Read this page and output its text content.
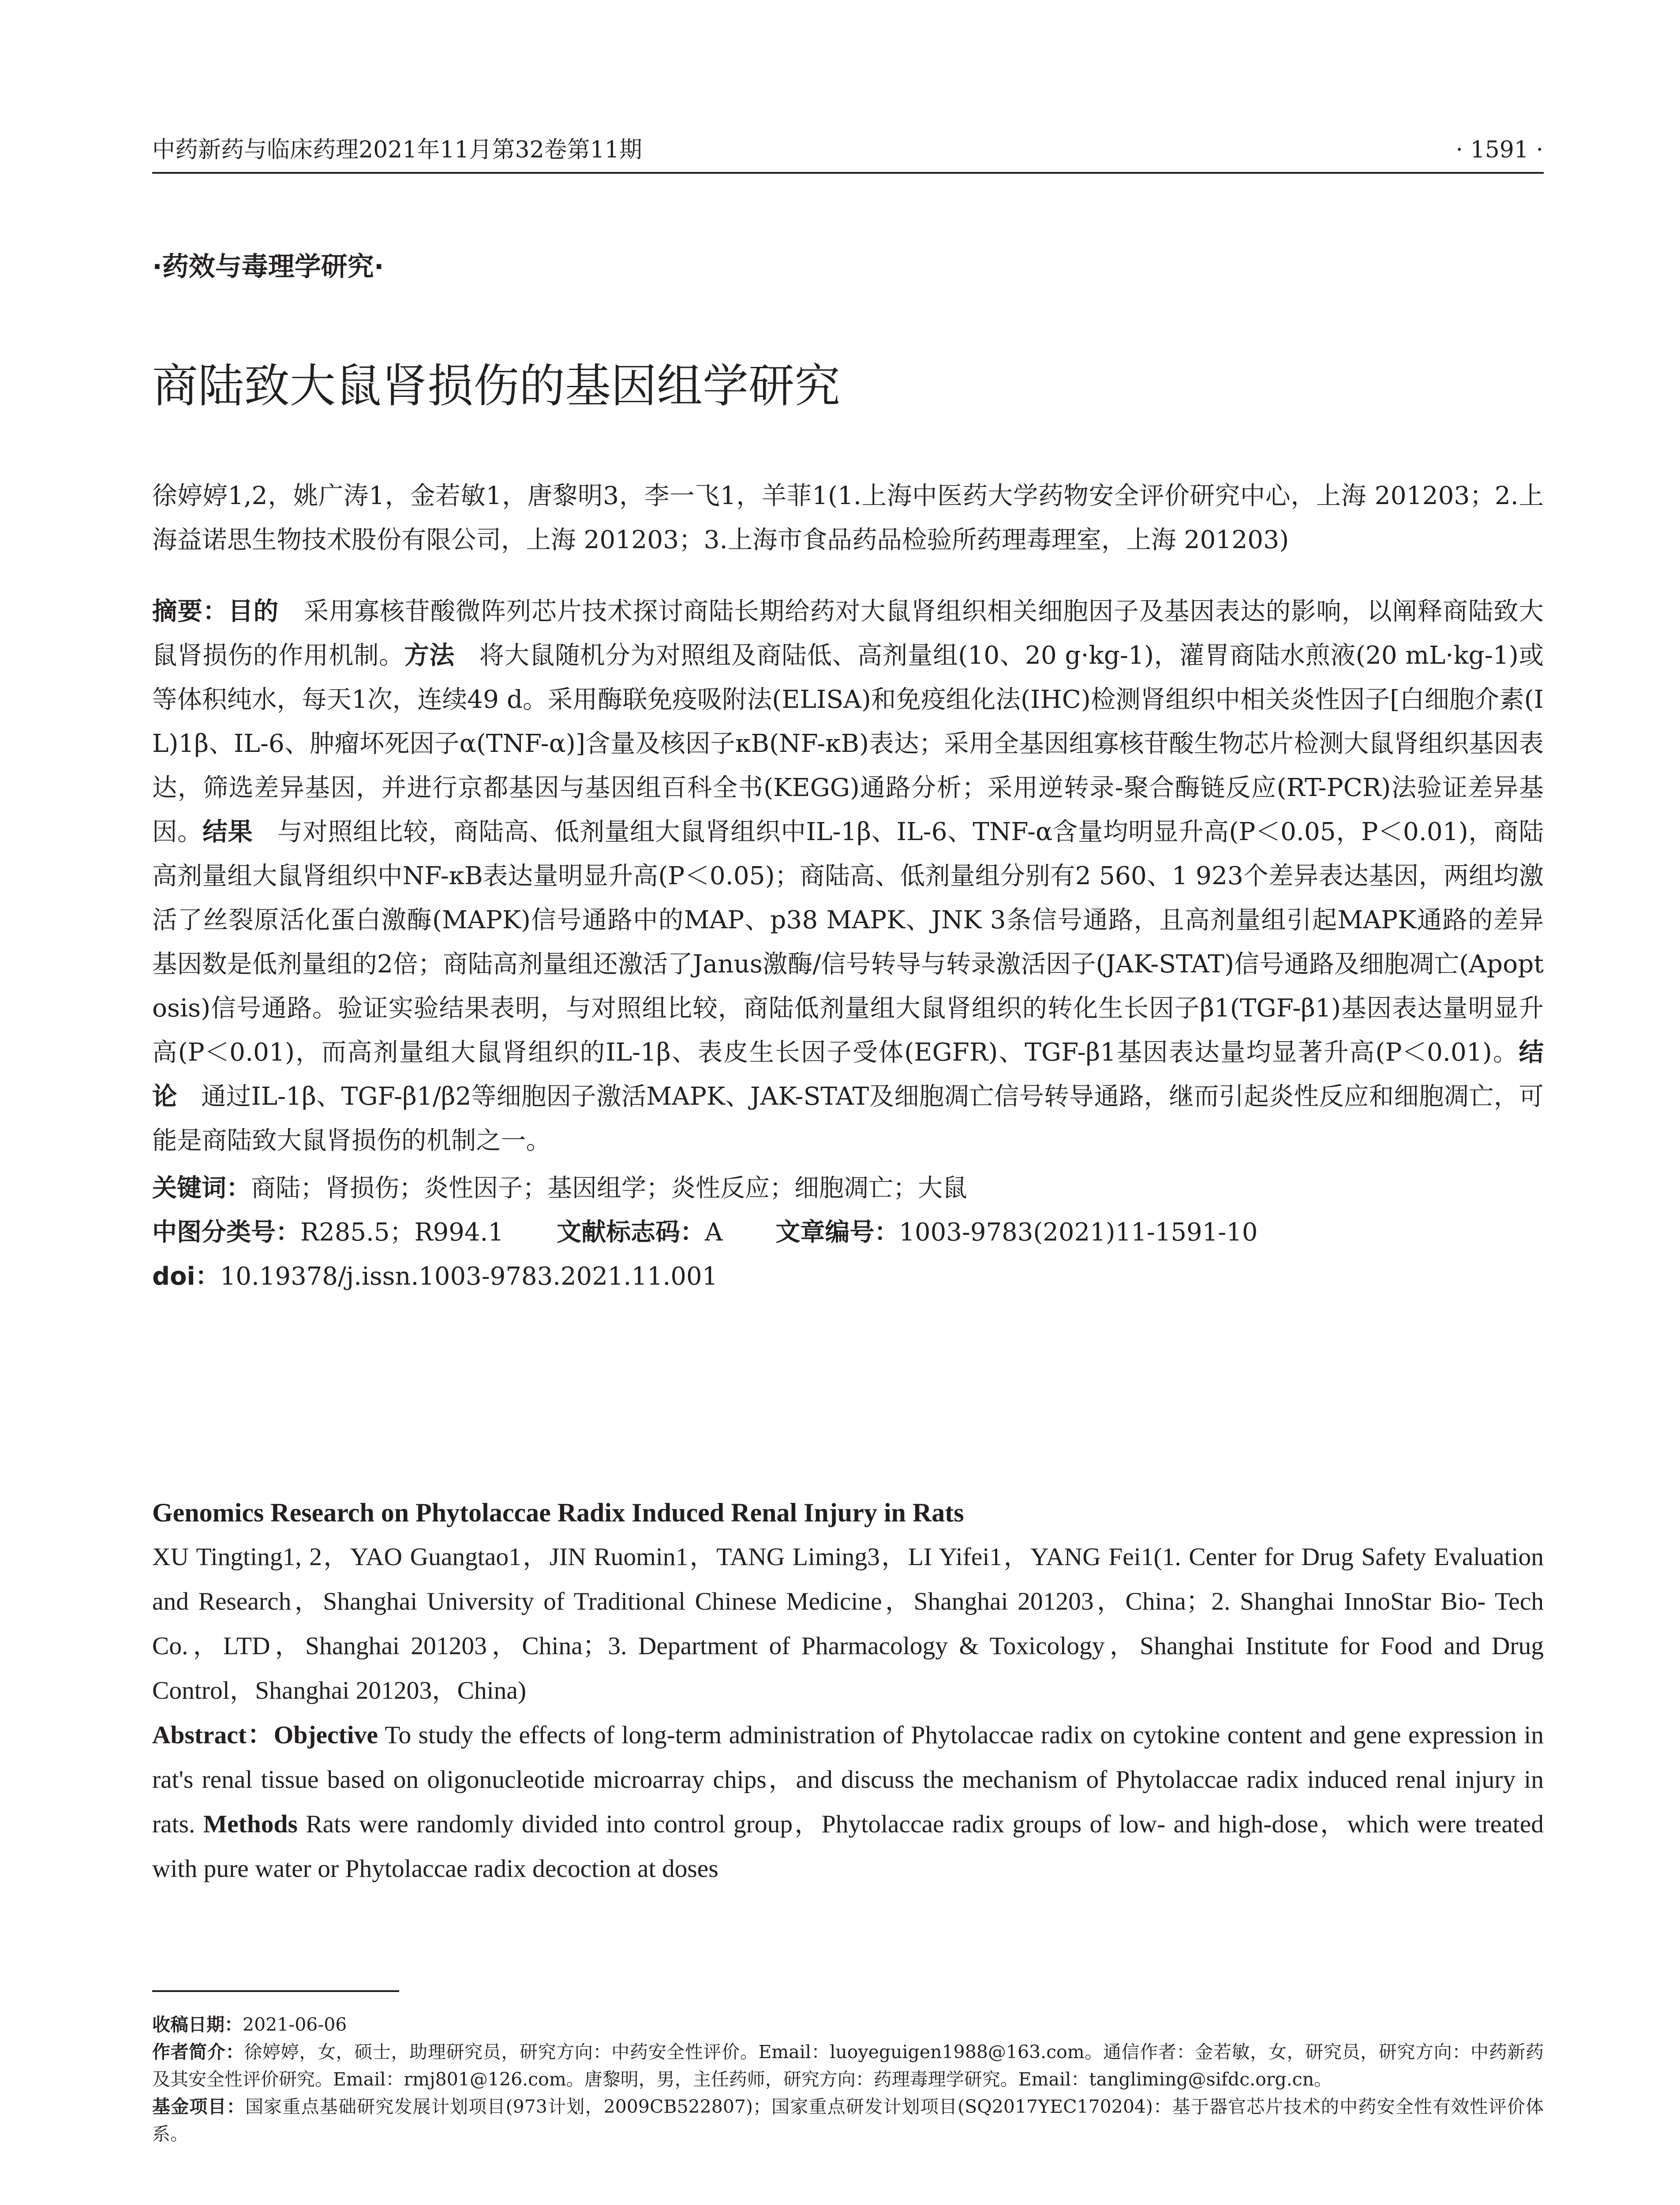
中药新药与临床药理2021年11月第32卷第11期	· 1591 ·
·药效与毒理学研究·
商陆致大鼠肾损伤的基因组学研究

徐婷婷1,2，姚广涛1，金若敏1，唐黎明3，李一飞1，羊菲1(1.上海中医药大学药物安全评价研究中心，上海 201203；2.上海益诺思生物技术股份有限公司，上海 201203；3.上海市食品药品检验所药理毒理室，上海 201203)

摘要：目的 采用寡核苷酸微阵列芯片技术探讨商陆长期给药对大鼠肾组织相关细胞因子及基因表达的影响，以阐释商陆致大鼠肾损伤的作用机制。方法 将大鼠随机分为对照组及商陆低、高剂量组(10、20 g·kg-1)，灌胃商陆水煎液(20 mL·kg-1)或等体积纯水，每天1次，连续49 d。采用酶联免疫吸附法(ELISA)和免疫组化法(IHC)检测肾组织中相关炎性因子[白细胞介素(IL)1β、IL-6、肿瘤坏死因子α(TNF-α)]含量及核因子κB(NF-κB)表达；采用全基因组寡核苷酸生物芯片检测大鼠肾组织基因表达，筛选差异基因，并进行京都基因与基因组百科全书(KEGG)通路分析；采用逆转录-聚合酶链反应(RT-PCR)法验证差异基因。结果 与对照组比较，商陆高、低剂量组大鼠肾组织中IL-1β、IL-6、TNF-α含量均明显升高(P＜0.05，P＜0.01)，商陆高剂量组大鼠肾组织中NF-κB表达量明显升高(P＜0.05)；商陆高、低剂量组分别有2 560、1 923个差异表达基因，两组均激活了丝裂原活化蛋白激酶(MAPK)信号通路中的MAP、p38 MAPK、JNK 3条信号通路，且高剂量组引起MAPK通路的差异基因数是低剂量组的2倍；商陆高剂量组还激活了Janus激酶/信号转导与转录激活因子(JAK-STAT)信号通路及细胞凋亡(Apoptosis)信号通路。验证实验结果表明，与对照组比较，商陆低剂量组大鼠肾组织的转化生长因子β1(TGF-β1)基因表达量明显升高(P＜0.01)，而高剂量组大鼠肾组织的IL-1β、表皮生长因子受体(EGFR)、TGF-β1基因表达量均显著升高(P＜0.01)。结论 通过IL-1β、TGF-β1/β2等细胞因子激活MAPK、JAK-STAT及细胞凋亡信号转导通路，继而引起炎性反应和细胞凋亡，可能是商陆致大鼠肾损伤的机制之一。

关键词：商陆；肾损伤；炎性因子；基因组学；炎性反应；细胞凋亡；大鼠
中图分类号：R285.5；R994.1 文献标志码：A 文章编号：1003-9783(2021)11-1591-10
doi：10.19378/j.issn.1003-9783.2021.11.001
Genomics Research on Phytolaccae Radix Induced Renal Injury in Rats

XU Tingting1, 2，YAO Guangtao1，JIN Ruomin1，TANG Liming3，LI Yifei1，YANG Fei1(1. Center for Drug Safety Evaluation and Research，Shanghai University of Traditional Chinese Medicine，Shanghai 201203，China；2. Shanghai InnoStar Bio- Tech Co.，LTD，Shanghai 201203，China；3. Department of Pharmacology & Toxicology，Shanghai Institute for Food and Drug Control，Shanghai 201203，China)

Abstract：Objective To study the effects of long-term administration of Phytolaccae radix on cytokine content and gene expression in rat's renal tissue based on oligonucleotide microarray chips，and discuss the mechanism of Phytolaccae radix induced renal injury in rats. Methods Rats were randomly divided into control group，Phytolaccae radix groups of low- and high-dose，which were treated with pure water or Phytolaccae radix decoction at doses

收稿日期：2021-06-06

作者简介：徐婷婷，女，硕士，助理研究员，研究方向：中药安全性评价。Email：luoyeguigen1988@163.com。通信作者：金若敏，女，研究员，研究方向：中药新药及其安全性评价研究。Email：rmj801@126.com。唐黎明，男，主任药师，研究方向：药理毒理学研究。Email：tangliming@sifdc.org.cn。

基金项目：国家重点基础研究发展计划项目(973计划，2009CB522807)；国家重点研发计划项目(SQ2017YEC170204)：基于器官芯片技术的中药安全性有效性评价体系。
